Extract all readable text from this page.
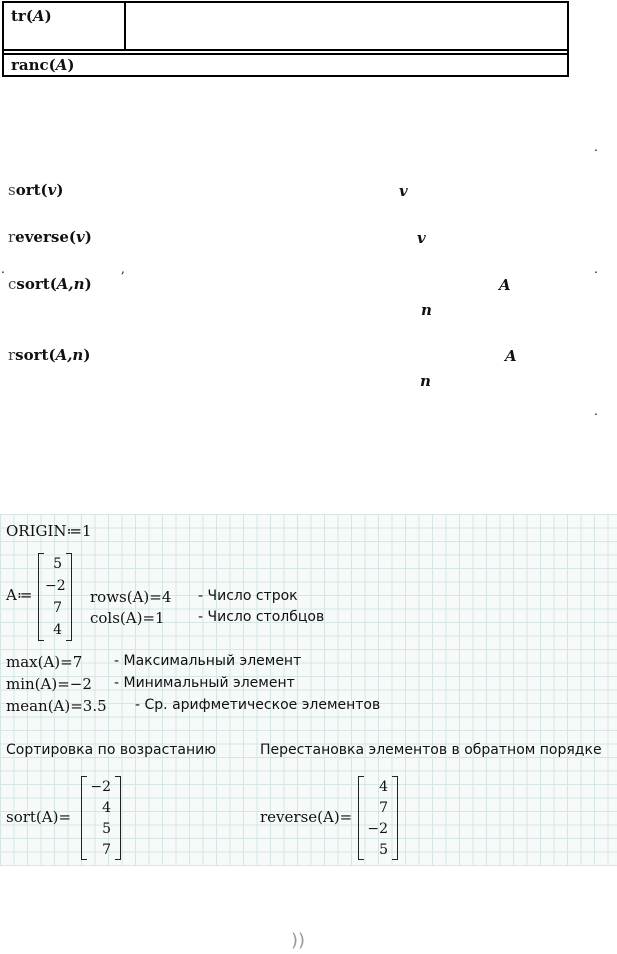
tr(A)
ranc(A)
.
sort(v)	v
reverse(v)	v
.	,	.
csort(A,n)	A
n
rsort(A,n)	A
n
.
ORIGIN≔1
A≔
5
−2
7
4
rows(A)=4 - Число строк
cols(A)=1 - Число столбцов
max(A)=7 - Максимальный элемент
min(A)=−2 - Минимальный элемент
mean(A)=3.5 - Ср. арифметическое элементов
Сортировка по возрастанию	Перестановка элементов в обратном порядке
sort(A)=
−2
4
5
7
reverse(A)=
4
7
−2
5
))
